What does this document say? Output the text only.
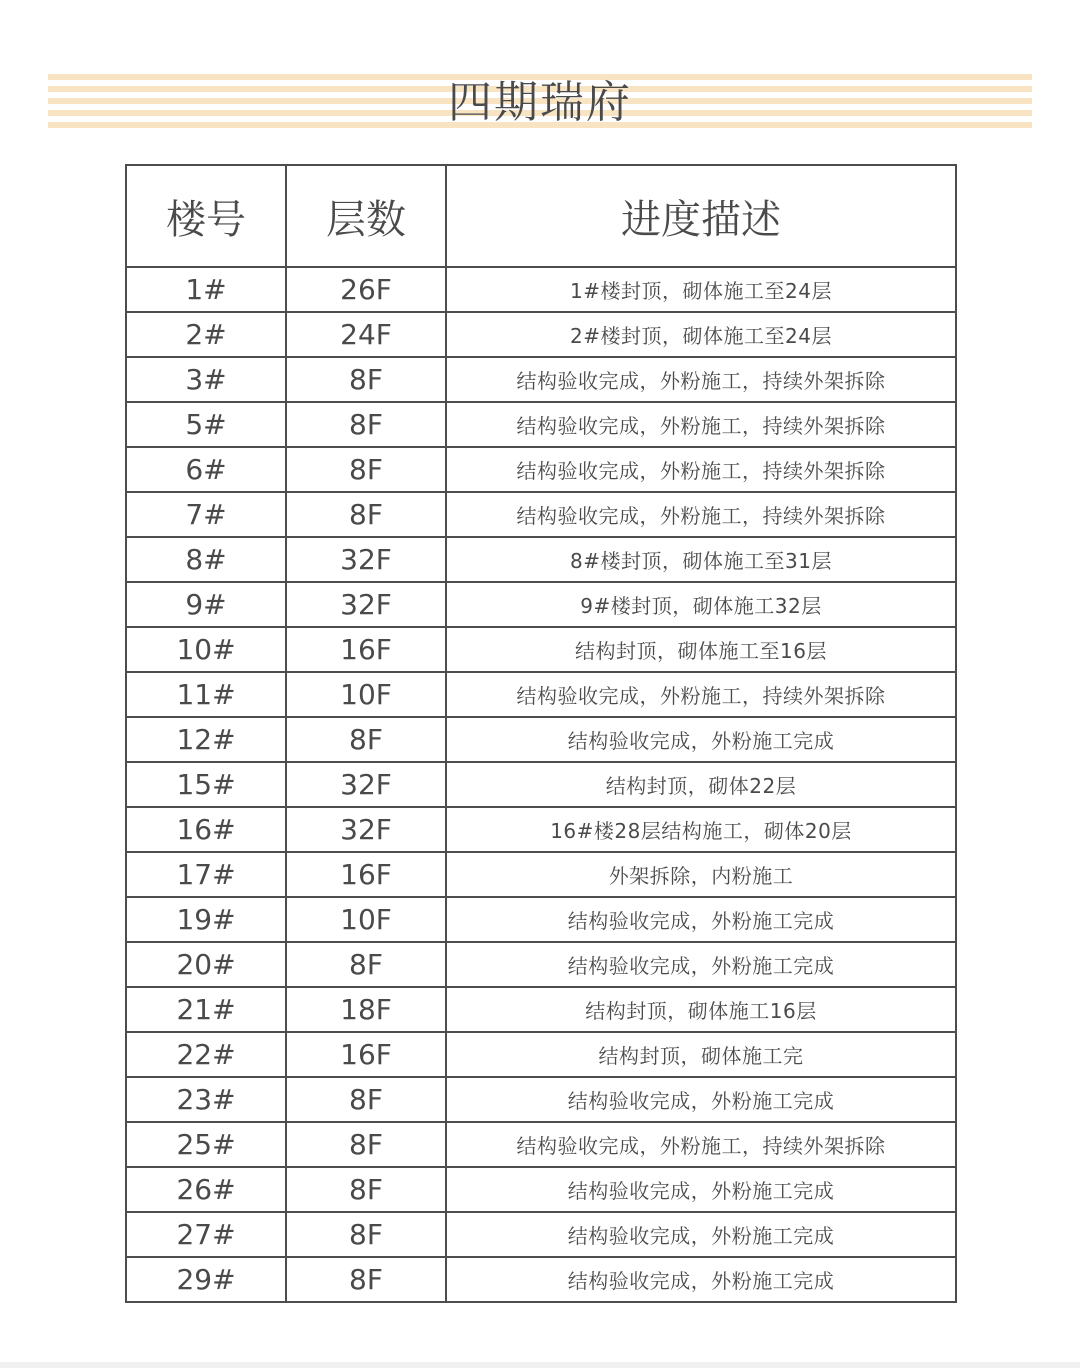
四期瑞府
楼号	层数	进度描述
1#	26F	1#楼封顶，砌体施工至24层
2#	24F	2#楼封顶，砌体施工至24层
3#	8F	结构验收完成，外粉施工，持续外架拆除
5#	8F	结构验收完成，外粉施工，持续外架拆除
6#	8F	结构验收完成，外粉施工，持续外架拆除
7#	8F	结构验收完成，外粉施工，持续外架拆除
8#	32F	8#楼封顶，砌体施工至31层
9#	32F	9#楼封顶，砌体施工32层
10#	16F	结构封顶，砌体施工至16层
11#	10F	结构验收完成，外粉施工，持续外架拆除
12#	8F	结构验收完成，外粉施工完成
15#	32F	结构封顶，砌体22层
16#	32F	16#楼28层结构施工，砌体20层
17#	16F	外架拆除，内粉施工
19#	10F	结构验收完成，外粉施工完成
20#	8F	结构验收完成，外粉施工完成
21#	18F	结构封顶，砌体施工16层
22#	16F	结构封顶，砌体施工完
23#	8F	结构验收完成，外粉施工完成
25#	8F	结构验收完成，外粉施工，持续外架拆除
26#	8F	结构验收完成，外粉施工完成
27#	8F	结构验收完成，外粉施工完成
29#	8F	结构验收完成，外粉施工完成
